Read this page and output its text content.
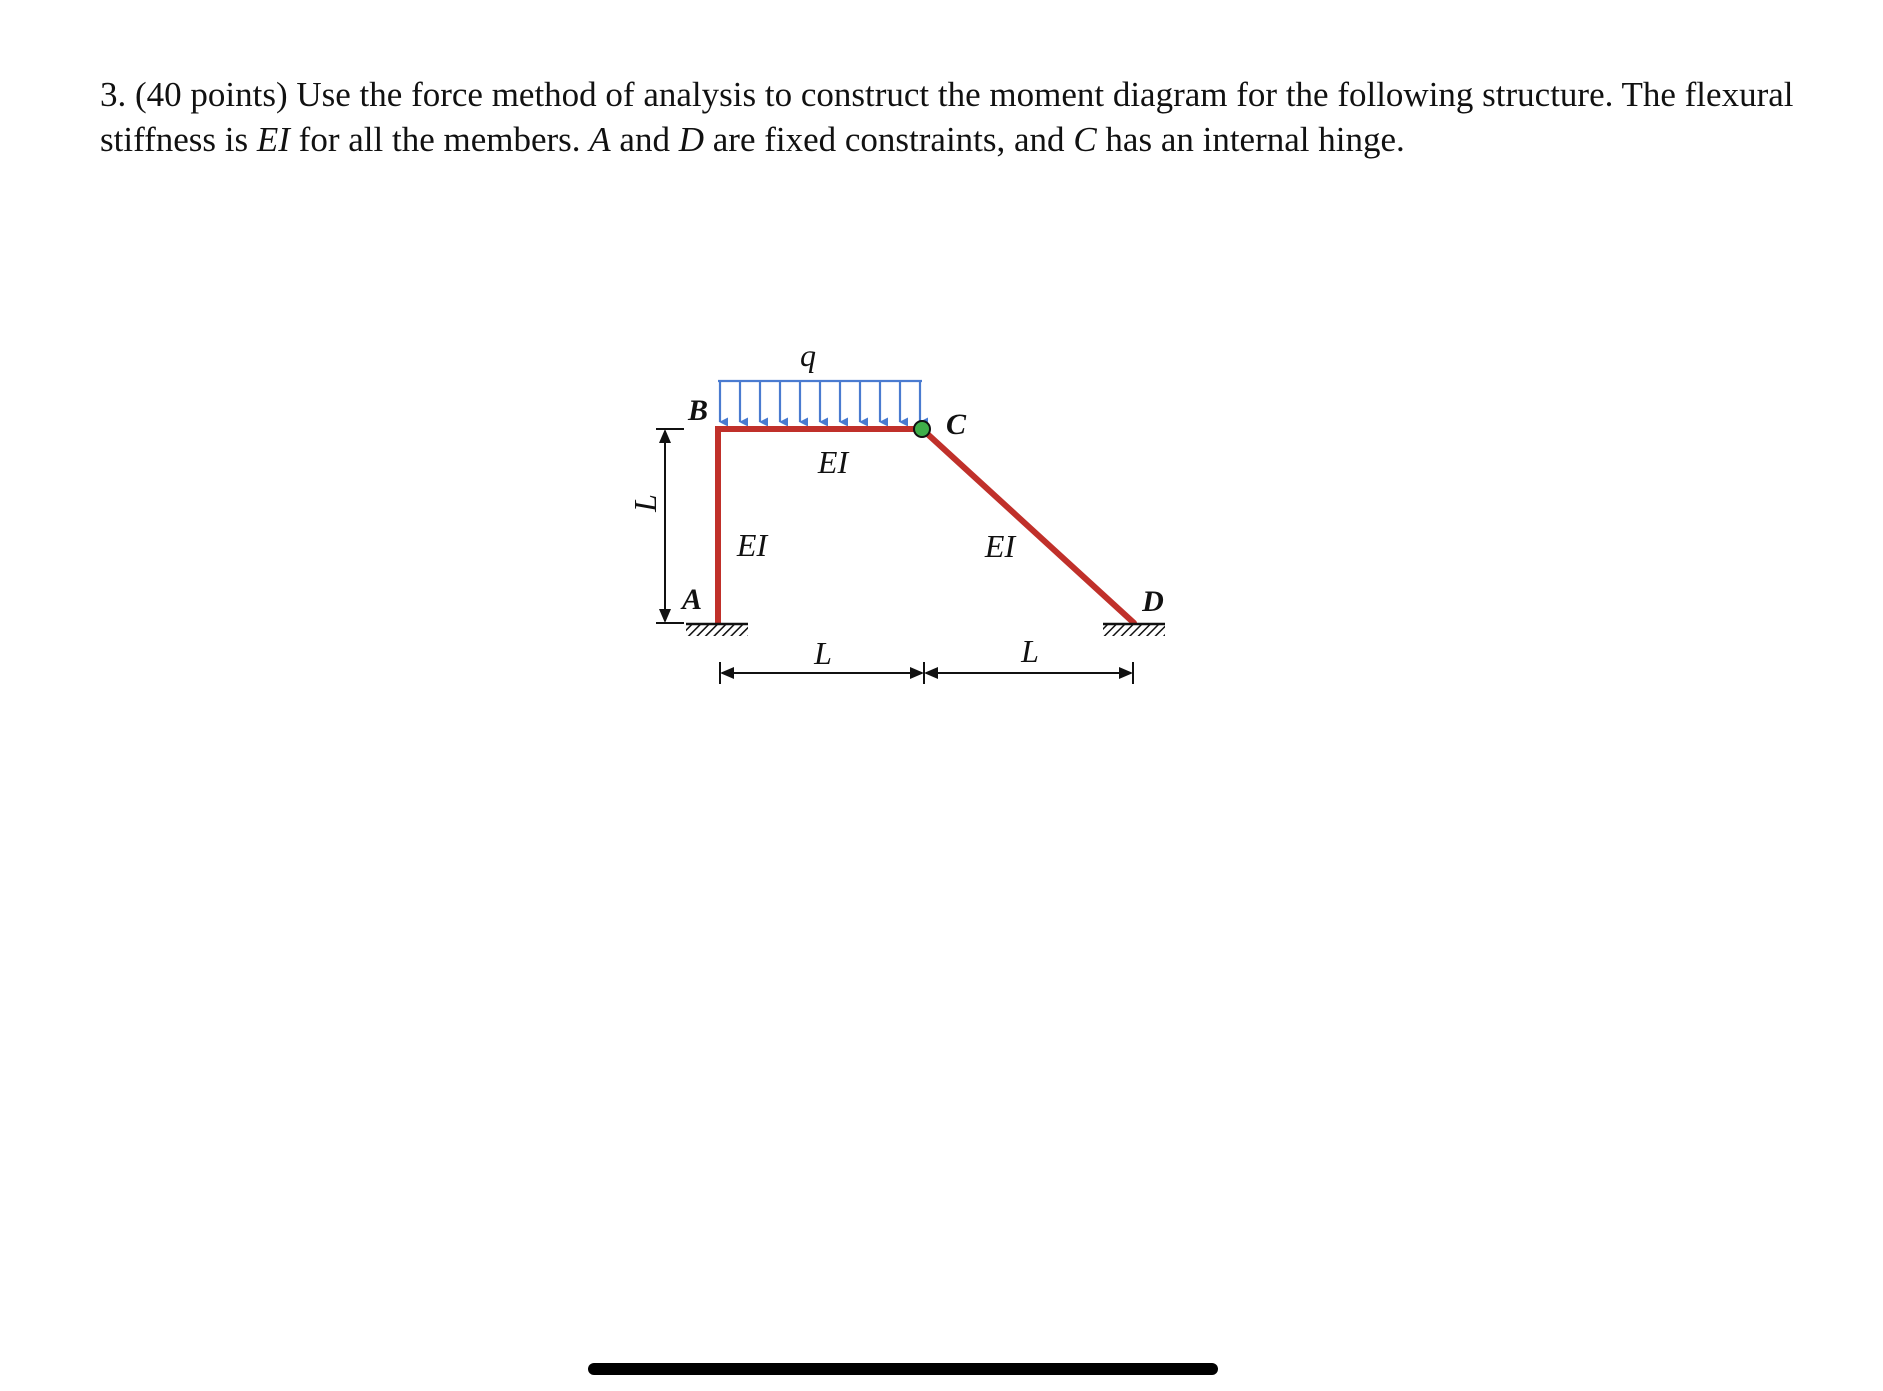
3. (40 points) Use the force method of analysis to construct the moment diagram for the following structure. The flexural stiffness is EI for all the members. A and D are fixed constraints, and C has an internal hinge.

q
B	C
A	D
EI
EI	EI
L
L	L
